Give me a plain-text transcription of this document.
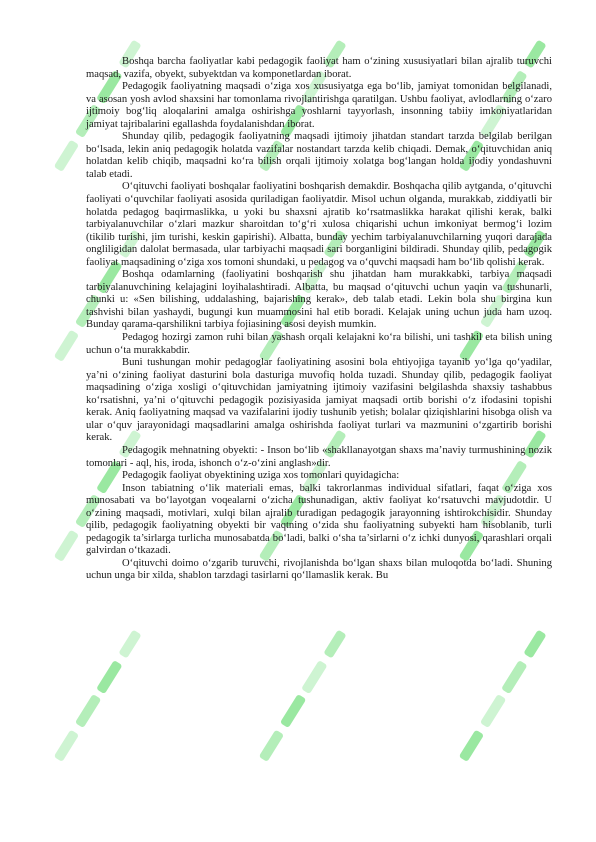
Boshqa barcha faoliyatlar kabi pedagogik faoliyat ham o‘zining xususiyatlari bilan ajralib turuvchi maqsad, vazifa, obyekt, subyektdan va komponetlardan iborat.

Pedagogik faoliyatning maqsadi o‘ziga xos xususiyatga ega bo‘lib, jamiyat tomonidan belgilanadi, va asosan yosh avlod shaxsini har tomonlama rivojlantirishga qaratilgan. Ushbu faoliyat, avlodlarning o‘zaro ijtimoiy bog‘liq aloqalarini amalga oshirishga yoshlarni tayyorlash, insonning tabiiy imkoniyatlaridan jamiyat tajribalarini egallashda foydalanishdan iborat.

Shunday qilib, pedagogik faoliyatning maqsadi ijtimoiy jihatdan standart tarzda belgilab berilgan bo‘lsada, lekin aniq pedagogik holatda vazifalar nostandart tarzda kelib chiqadi. Demak, o‘qituvchidan aniq holatdan kelib chiqib, maqsadni ko‘ra bilish orqali ijtimoiy xolatga bog‘langan holda ijodiy yondashuvni talab etadi.

O‘qituvchi faoliyati boshqalar faoliyatini boshqarish demakdir. Boshqacha qilib aytganda, o‘qituvchi faoliyati o‘quvchilar faoliyati asosida quriladigan faoliyatdir. Misol uchun olganda, murakkab, ziddiyatli bir holatda pedagog baqirmaslikka, u yoki bu shaxsni ajratib ko‘rsatmaslikka harakat qilishi kerak, balki tarbiyalanuvchilar o‘zlari mazkur sharoitdan to‘g‘ri xulosa chiqarishi uchun imkoniyat bermog‘i lozim (tikilib turishi, jim turishi, keskin gapirishi). Albatta, bunday yechim tarbiyalanuvchilarning yuqori darajada ongliligidan dalolat bermasada, ular tarbiyachi maqsadi sari borganligini bildiradi. Shunday qilib, pedagogik faoliyat maqsadining o‘ziga xos tomoni shundaki, u pedagog va o‘quvchi maqsadi ham bo‘lib qolishi kerak.

Boshqa odamlarning (faoliyatini boshqarish shu jihatdan ham murakkabki, tarbiya maqsadi tarbiyalanuvchining kelajagini loyihalashtiradi. Albatta, bu maqsad o‘qituvchi uchun yaqin va tushunarli, chunki u: «Sen bilishing, uddalashing, bajarishing kerak», deb talab etadi. Lekin bola shu birgina kun tashvishi bilan yashaydi, bugungi kun muammosini hal etib boradi. Kelajak uning uchun juda ham uzoq. Bunday qarama-qarshilikni tarbiya fojiasining asosi deyish mumkin.

Pedagog hozirgi zamon ruhi bilan yashash orqali kelajakni ko‘ra bilishi, uni tashkil eta bilish uning uchun o‘ta murakkabdir.

Buni tushungan mohir pedagoglar faoliyatining asosini bola ehtiyojiga tayanib yo‘lga qo‘yadilar, ya’ni o‘zining faoliyat dasturini bola dasturiga muvofiq holda tuzadi. Shunday qilib, pedagogik faoliyat maqsadining o‘ziga xosligi o‘qituvchidan jamiyatning ijtimoiy vazifasini belgilashda shaxsiy tashabbus ko‘rsatishni, ya’ni o‘qituvchi pedagogik pozisiyasida jamiyat maqsadi ortib borishi o‘z ifodasini topishi kerak. Aniq faoliyatning maqsad va vazifalarini ijodiy tushunib yetish; bolalar qiziqishlarini hisobga olish va ular o‘quv jarayonidagi maqsadlarini amalga oshirishda faoliyat turlari va mazmunini o‘zgartirib borishi kerak.

Pedagogik mehnatning obyekti: - Inson bo‘lib «shakllanayotgan shaxs ma’naviy turmushining nozik tomonlari - aql, his, iroda, ishonch o‘z-o‘zini anglash»dir.

Pedagogik faoliyat obyektining uziga xos tomonlari quyidagicha:

Inson tabiatning o‘lik materiali emas, balki takrorlanmas individual sifatlari, faqat o‘ziga xos munosabati va bo‘layotgan voqealarni o‘zicha tushunadigan, aktiv faoliyat ko‘rsatuvchi mavjudotdir. U o‘zining maqsadi, motivlari, xulqi bilan ajralib turadigan pedagogik jarayonning ishtirokchisidir. Shunday qilib, pedagogik faoliyatning obyekti bir vaqtning o‘zida shu faoliyatning subyekti ham hisoblanib, turli pedagogik ta’sirlarga turlicha munosabatda bo‘ladi, balki o‘sha ta’sirlarni o‘z ichki dunyosi, qarashlari orqali galvirdan o‘tkazadi.

O‘qituvchi doimo o‘zgarib turuvchi, rivojlanishda bo‘lgan shaxs bilan muloqotda bo‘ladi. Shuning uchun unga bir xilda, shablon tarzdagi tasirlarni qo‘llamaslik kerak. Bu
